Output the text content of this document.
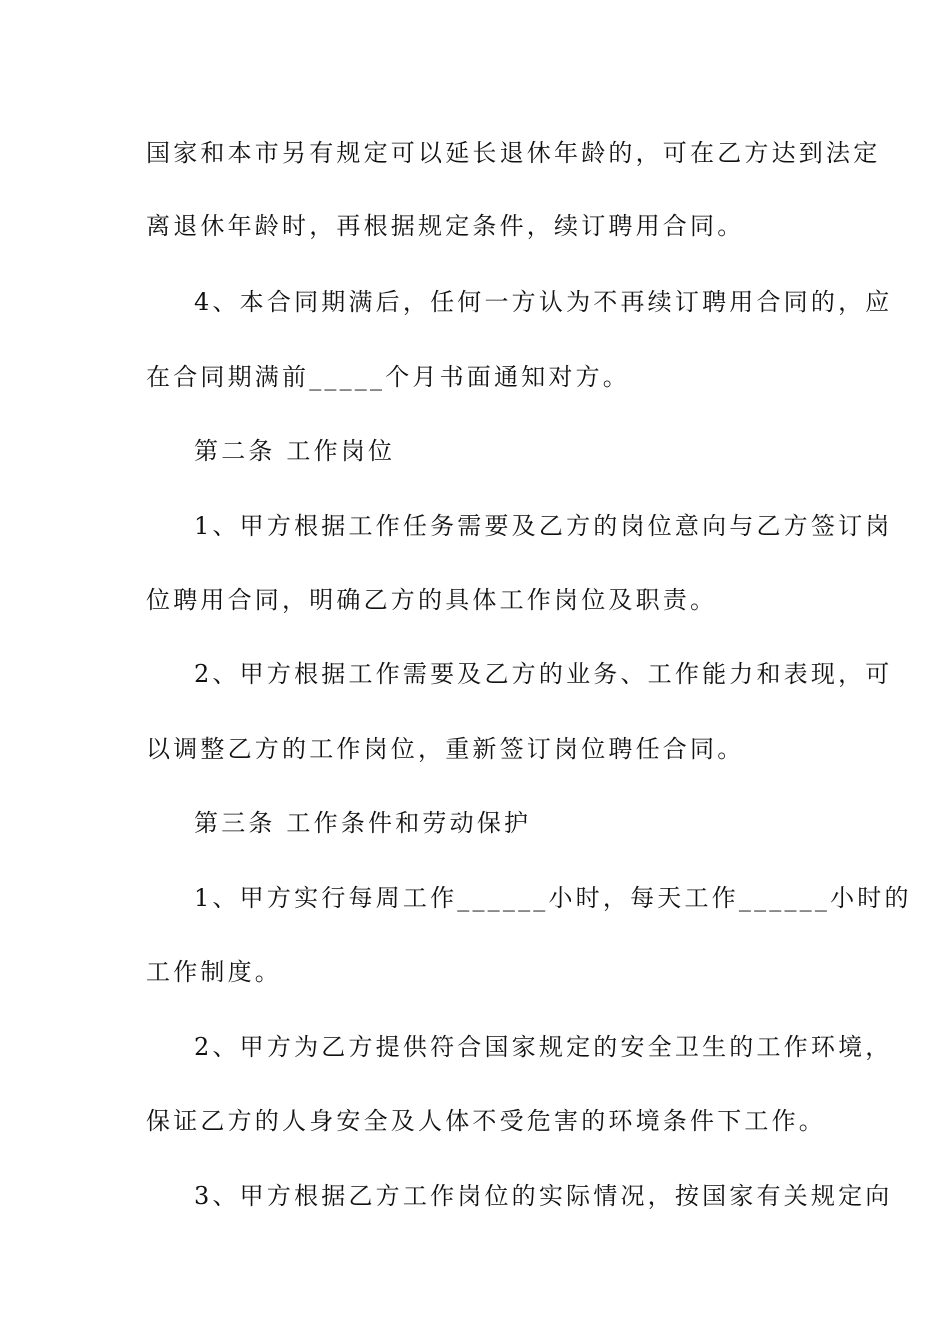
国家和本市另有规定可以延长退休年龄的，可在乙方达到法定
离退休年龄时，再根据规定条件，续订聘用合同。
4、本合同期满后，任何一方认为不再续订聘用合同的，应
在合同期满前_____个月书面通知对方。
第二条 工作岗位
1、甲方根据工作任务需要及乙方的岗位意向与乙方签订岗
位聘用合同，明确乙方的具体工作岗位及职责。
2、甲方根据工作需要及乙方的业务、工作能力和表现，可
以调整乙方的工作岗位，重新签订岗位聘任合同。
第三条 工作条件和劳动保护
1、甲方实行每周工作______小时，每天工作______小时的
工作制度。
2、甲方为乙方提供符合国家规定的安全卫生的工作环境，
保证乙方的人身安全及人体不受危害的环境条件下工作。
3、甲方根据乙方工作岗位的实际情况，按国家有关规定向
